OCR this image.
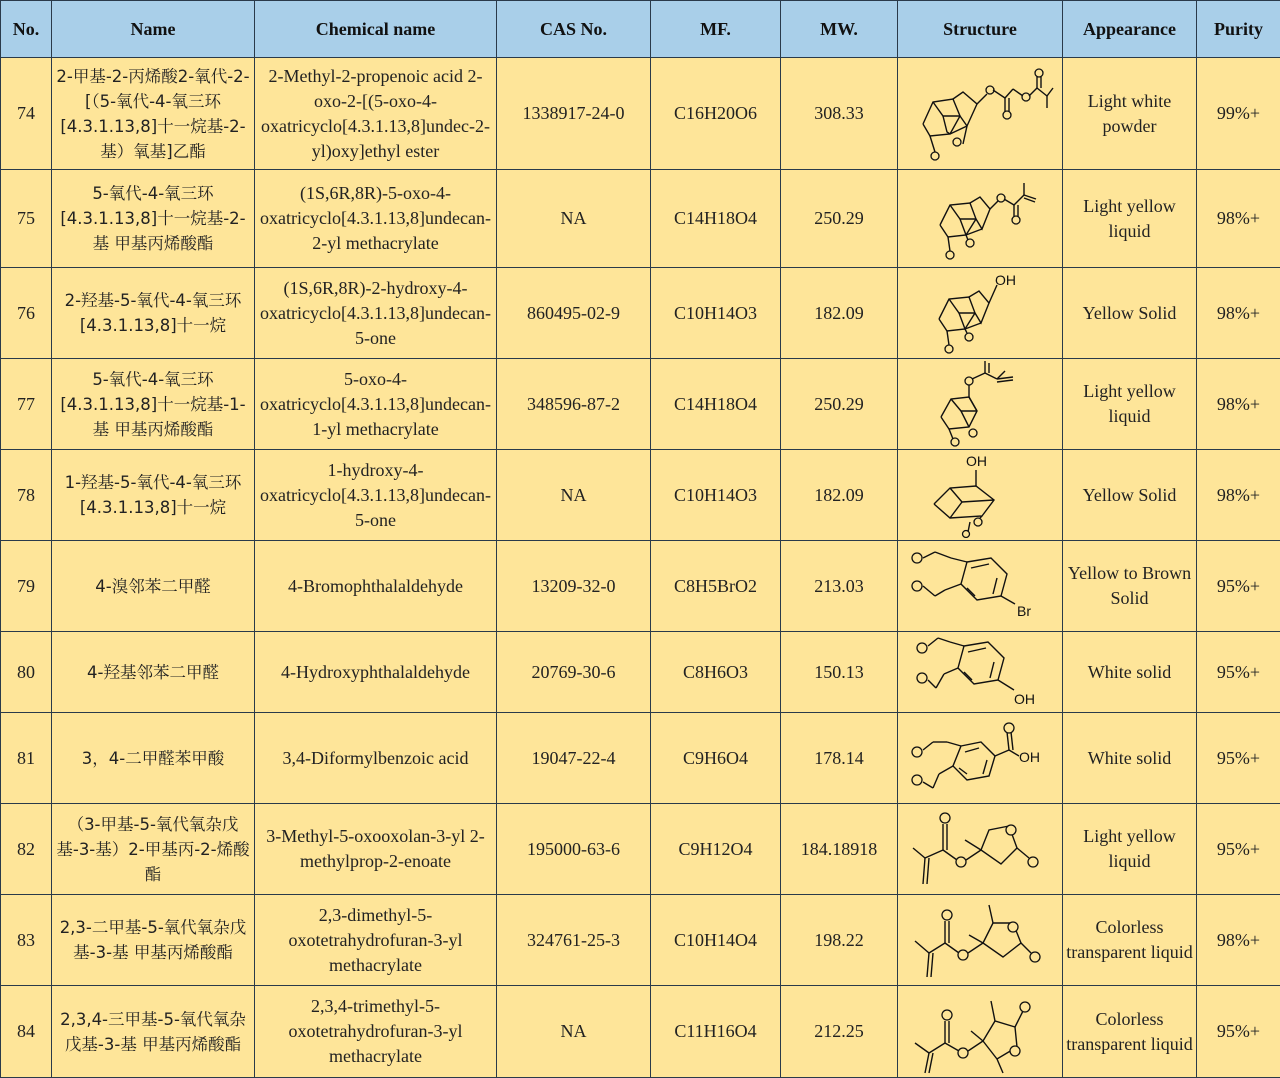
No.	Name	Chemical name	CAS No.	MF.	MW.	Structure	Appearance	Purity
74	2-甲基-2-丙烯酸2-氧代-2-[（5-氧代-4-氧三环[4.3.1.13,8]十一烷基-2-基）氧基]乙酯	2-Methyl-2-propenoic acid 2-oxo-2-[(5-oxo-4-oxatricyclo[4.3.1.13,8]undec-2-yl)oxy]ethyl ester	1338917-24-0	C16H20O6	308.33		Light white powder	99%+
75	5-氧代-4-氧三环[4.3.1.13,8]十一烷基-2-基 甲基丙烯酸酯	(1S,6R,8R)-5-oxo-4-oxatricyclo[4.3.1.13,8]undecan-2-yl methacrylate	NA	C14H18O4	250.29		Light yellow liquid	98%+
76	2-羟基-5-氧代-4-氧三环[4.3.1.13,8]十一烷	(1S,6R,8R)-2-hydroxy-4-oxatricyclo[4.3.1.13,8]undecan-5-one	860495-02-9	C10H14O3	182.09	OH	Yellow Solid	98%+
77	5-氧代-4-氧三环[4.3.1.13,8]十一烷基-1-基 甲基丙烯酸酯	5-oxo-4-oxatricyclo[4.3.1.13,8]undecan-1-yl methacrylate	348596-87-2	C14H18O4	250.29		Light yellow liquid	98%+
78	1-羟基-5-氧代-4-氧三环[4.3.1.13,8]十一烷	1-hydroxy-4-oxatricyclo[4.3.1.13,8]undecan-5-one	NA	C10H14O3	182.09	OH	Yellow Solid	98%+
79	4-溴邻苯二甲醛	4-Bromophthalaldehyde	13209-32-0	C8H5BrO2	213.03	Br	Yellow to Brown Solid	95%+
80	4-羟基邻苯二甲醛	4-Hydroxyphthalaldehyde	20769-30-6	C8H6O3	150.13	OH	White solid	95%+
81	3，4-二甲醛苯甲酸	3,4-Diformylbenzoic acid	19047-22-4	C9H6O4	178.14	OH	White solid	95%+
82	（3-甲基-5-氧代氧杂戊基-3-基）2-甲基丙-2-烯酸酯	3-Methyl-5-oxooxolan-3-yl 2-methylprop-2-enoate	195000-63-6	C9H12O4	184.18918		Light yellow liquid	95%+
83	2,3-二甲基-5-氧代氧杂戊基-3-基 甲基丙烯酸酯	2,3-dimethyl-5-oxotetrahydrofuran-3-yl methacrylate	324761-25-3	C10H14O4	198.22		Colorless transparent liquid	98%+
84	2,3,4-三甲基-5-氧代氧杂戊基-3-基 甲基丙烯酸酯	2,3,4-trimethyl-5-oxotetrahydrofuran-3-yl methacrylate	NA	C11H16O4	212.25		Colorless transparent liquid	95%+
